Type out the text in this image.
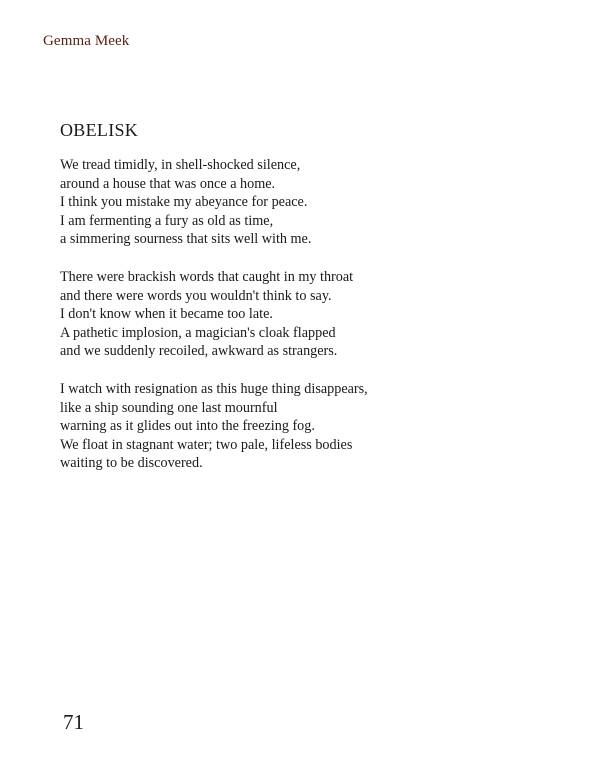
Gemma Meek
OBELISK
We tread timidly, in shell-shocked silence,
around a house that was once a home.
I think you mistake my abeyance for peace.
I am fermenting a fury as old as time,
a simmering sourness that sits well with me.
There were brackish words that caught in my throat
and there were words you wouldn't think to say.
I don't know when it became too late.
A pathetic implosion, a magician's cloak flapped
and we suddenly recoiled, awkward as strangers.
I watch with resignation as this huge thing disappears,
like a ship sounding one last mournful
warning as it glides out into the freezing fog.
We float in stagnant water; two pale, lifeless bodies
waiting to be discovered.
71
